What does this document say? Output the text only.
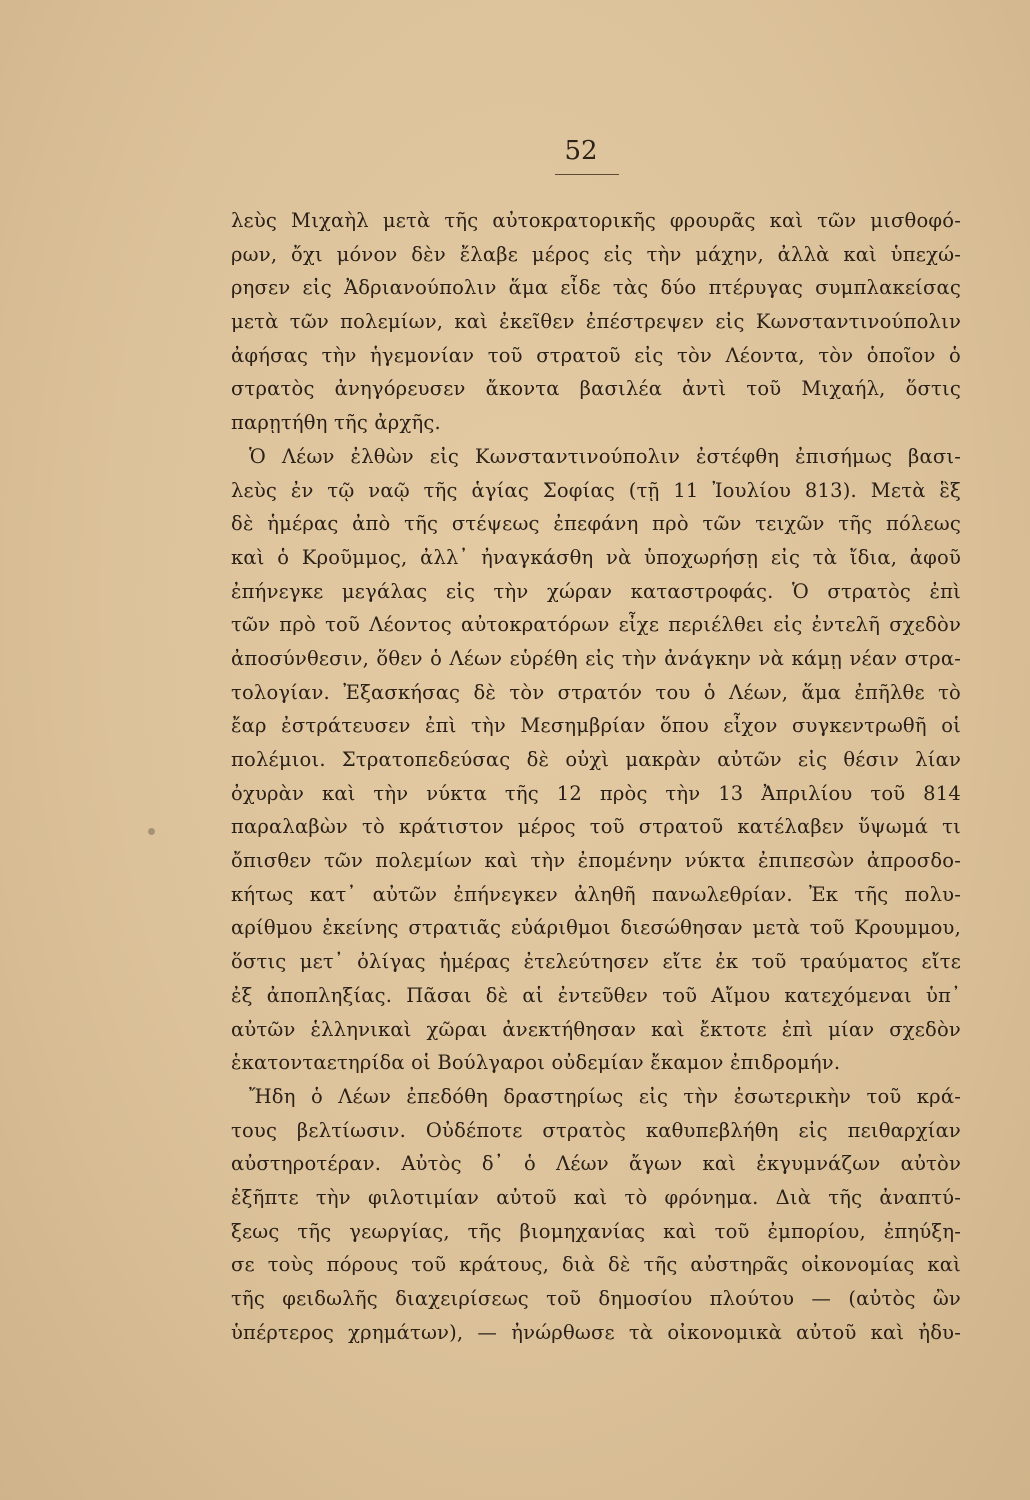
52
λεὺς Μιχαὴλ μετὰ τῆς αὐτοκρατορικῆς φρουρᾶς καὶ τῶν μισθοφό-
ρων, ὄχι μόνον δὲν ἔλαβε μέρος εἰς τὴν μάχην, ἀλλὰ καὶ ὑπεχώ-
ρησεν εἰς Ἀδριανούπολιν ἅμα εἶδε τὰς δύο πτέρυγας συμπλακείσας
μετὰ τῶν πολεμίων, καὶ ἐκεῖθεν ἐπέστρεψεν εἰς Κωνσταντινούπολιν
ἀφήσας τὴν ἡγεμονίαν τοῦ στρατοῦ εἰς τὸν Λέοντα, τὸν ὁποῖον ὁ
στρατὸς ἀνηγόρευσεν ἄκοντα βασιλέα ἀντὶ τοῦ Μιχαήλ, ὅστις
παρῃτήθη τῆς ἀρχῆς.
Ὁ Λέων ἐλθὼν εἰς Κωνσταντινούπολιν ἐστέφθη ἐπισήμως βασι-
λεὺς ἐν τῷ ναῷ τῆς ἁγίας Σοφίας (τῇ 11 Ἰουλίου 813). Μετὰ ἓξ
δὲ ἡμέρας ἀπὸ τῆς στέψεως ἐπεφάνη πρὸ τῶν τειχῶν τῆς πόλεως
καὶ ὁ Κροῦμμος, ἀλλ᾽ ἠναγκάσθη νὰ ὑποχωρήσῃ εἰς τὰ ἴδια, ἀφοῦ
ἐπήνεγκε μεγάλας εἰς τὴν χώραν καταστροφάς. Ὁ στρατὸς ἐπὶ
τῶν πρὸ τοῦ Λέοντος αὐτοκρατόρων εἶχε περιέλθει εἰς ἐντελῆ σχεδὸν
ἀποσύνθεσιν, ὅθεν ὁ Λέων εὑρέθη εἰς τὴν ἀνάγκην νὰ κάμῃ νέαν στρα-
τολογίαν. Ἐξασκήσας δὲ τὸν στρατόν του ὁ Λέων, ἅμα ἐπῆλθε τὸ
ἔαρ ἐστράτευσεν ἐπὶ τὴν Μεσημβρίαν ὅπου εἶχον συγκεντρωθῆ οἱ
πολέμιοι. Στρατοπεδεύσας δὲ οὐχὶ μακρὰν αὐτῶν εἰς θέσιν λίαν
ὀχυρὰν καὶ τὴν νύκτα τῆς 12 πρὸς τὴν 13 Ἀπριλίου τοῦ 814
παραλαβὼν τὸ κράτιστον μέρος τοῦ στρατοῦ κατέλαβεν ὕψωμά τι
ὄπισθεν τῶν πολεμίων καὶ τὴν ἐπομένην νύκτα ἐπιπεσὼν ἀπροσδο-
κήτως κατ᾽ αὐτῶν ἐπήνεγκεν ἀληθῆ πανωλεθρίαν. Ἐκ τῆς πολυ-
αρίθμου ἐκείνης στρατιᾶς εὐάριθμοι διεσώθησαν μετὰ τοῦ Κρουμμου,
ὅστις μετ᾽ ὀλίγας ἡμέρας ἐτελεύτησεν εἴτε ἐκ τοῦ τραύματος εἴτε
ἐξ ἀποπληξίας. Πᾶσαι δὲ αἱ ἐντεῦθεν τοῦ Αἴμου κατεχόμεναι ὑπ᾽
αὐτῶν ἑλληνικαὶ χῶραι ἀνεκτήθησαν καὶ ἔκτοτε ἐπὶ μίαν σχεδὸν
ἑκατονταετηρίδα οἱ Βούλγαροι οὐδεμίαν ἔκαμον ἐπιδρομήν.
Ἤδη ὁ Λέων ἐπεδόθη δραστηρίως εἰς τὴν ἐσωτερικὴν τοῦ κρά-
τους βελτίωσιν. Οὐδέποτε στρατὸς καθυπεβλήθη εἰς πειθαρχίαν
αὐστηροτέραν. Αὐτὸς δ᾽ ὁ Λέων ἄγων καὶ ἐκγυμνάζων αὐτὸν
ἐξῆπτε τὴν φιλοτιμίαν αὐτοῦ καὶ τὸ φρόνημα. Διὰ τῆς ἀναπτύ-
ξεως τῆς γεωργίας, τῆς βιομηχανίας καὶ τοῦ ἐμπορίου, ἐπηύξη-
σε τοὺς πόρους τοῦ κράτους, διὰ δὲ τῆς αὐστηρᾶς οἰκονομίας καὶ
τῆς φειδωλῆς διαχειρίσεως τοῦ δημοσίου πλούτου — (αὐτὸς ὢν
ὑπέρτερος χρημάτων), — ἠνώρθωσε τὰ οἰκονομικὰ αὐτοῦ καὶ ἠδυ-
